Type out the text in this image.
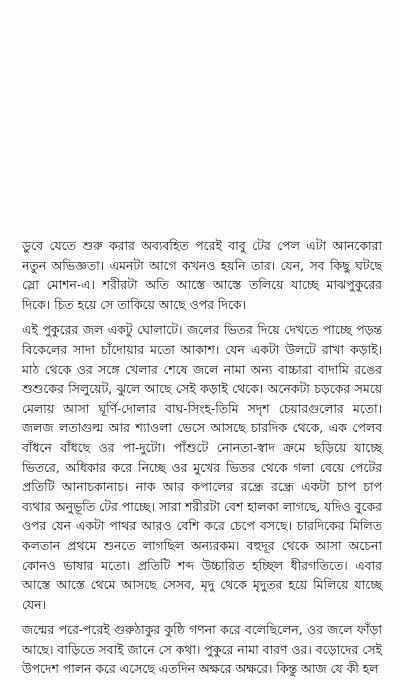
ডুবে যেতে শুরু করার অব্যবহিত পরেই বাবু টের পেল এটা আনকোরা নতুন অভিজ্ঞতা। এমনটা আগে কখনও হয়নি তার। যেন, সব কিছু ঘটছে স্লো মোশন-এ। শরীরটা অতি আস্তে আস্তে তলিয়ে যাচ্ছে মাঝপুকুরের দিকে। চিত হয়ে সে তাকিয়ে আছে ওপর দিকে।

এই পুকুরের জল একটু ঘোলাটে। জলের ভিতর দিয়ে দেখতে পাচ্ছে পড়ন্ত বিকেলের সাদা চাঁদোয়ার মতো আকাশ। যেন একটা উলটে রাখা কড়াই। মাঠ থেকে ওর সঙ্গে খেলার শেষে জলে নামা অন্য বাচ্চারা বাদামি রঙের শুশুকের সিলুয়েট, ঝুলে আছে সেই কড়াই থেকে। অনেকটা চড়কের সময়ে মেলায় আসা ঘূর্ণি-দোলার বাঘ-সিংহ-তিমি সদৃশ চেয়ারগুলোর মতো। জলজ লতাগুল্ম আর শ্যাওলা ভেসে আসছে চারদিক থেকে, এক পেলব বাঁধনে বাঁধছে ওর পা-দুটো। পাঁশুটে নোনতা-স্বাদ ক্রমে ছড়িয়ে যাচ্ছে ভিতরে, অধিকার করে নিচ্ছে ওর মুখের ভিতর থেকে গলা বেয়ে পেটের প্রতিটি আনাচকানাচ। নাক আর কপালের রন্ধ্রে রন্ধ্রে একটা চাপ চাপ ব্যথার অনুভূতি টের পাচ্ছে। সারা শরীরটা বেশ হালকা লাগছে, যদিও বুকের ওপর যেন একটা পাথর আরও বেশি করে চেপে বসছে। চারদিকের মিলিত কলতান প্রথমে শুনতে লাগছিল অন্যরকম। বহুদূর থেকে আসা অচেনা কোনও ভাষার মতো। প্রতিটি শব্দ উচ্চারিত হচ্ছিল ধীরগতিতে। এবার আস্তে আস্তে থেমে আসছে সেসব, মৃদু থেকে মৃদুতর হয়ে মিলিয়ে যাচ্ছে যেন।

জন্মের পরে-পরেই গুরুঠাকুর কুষ্ঠি গণনা করে বলেছিলেন, ওর জলে ফাঁড়া আছে। বাড়িতে সবাই জানে সে কথা। পুকুরে নামা বারণ ওর। বড়োদের সেই উপদেশ পালন করে এসেছে এতদিন অক্ষরে অক্ষরে। কিন্তু আজ যে কী হল
